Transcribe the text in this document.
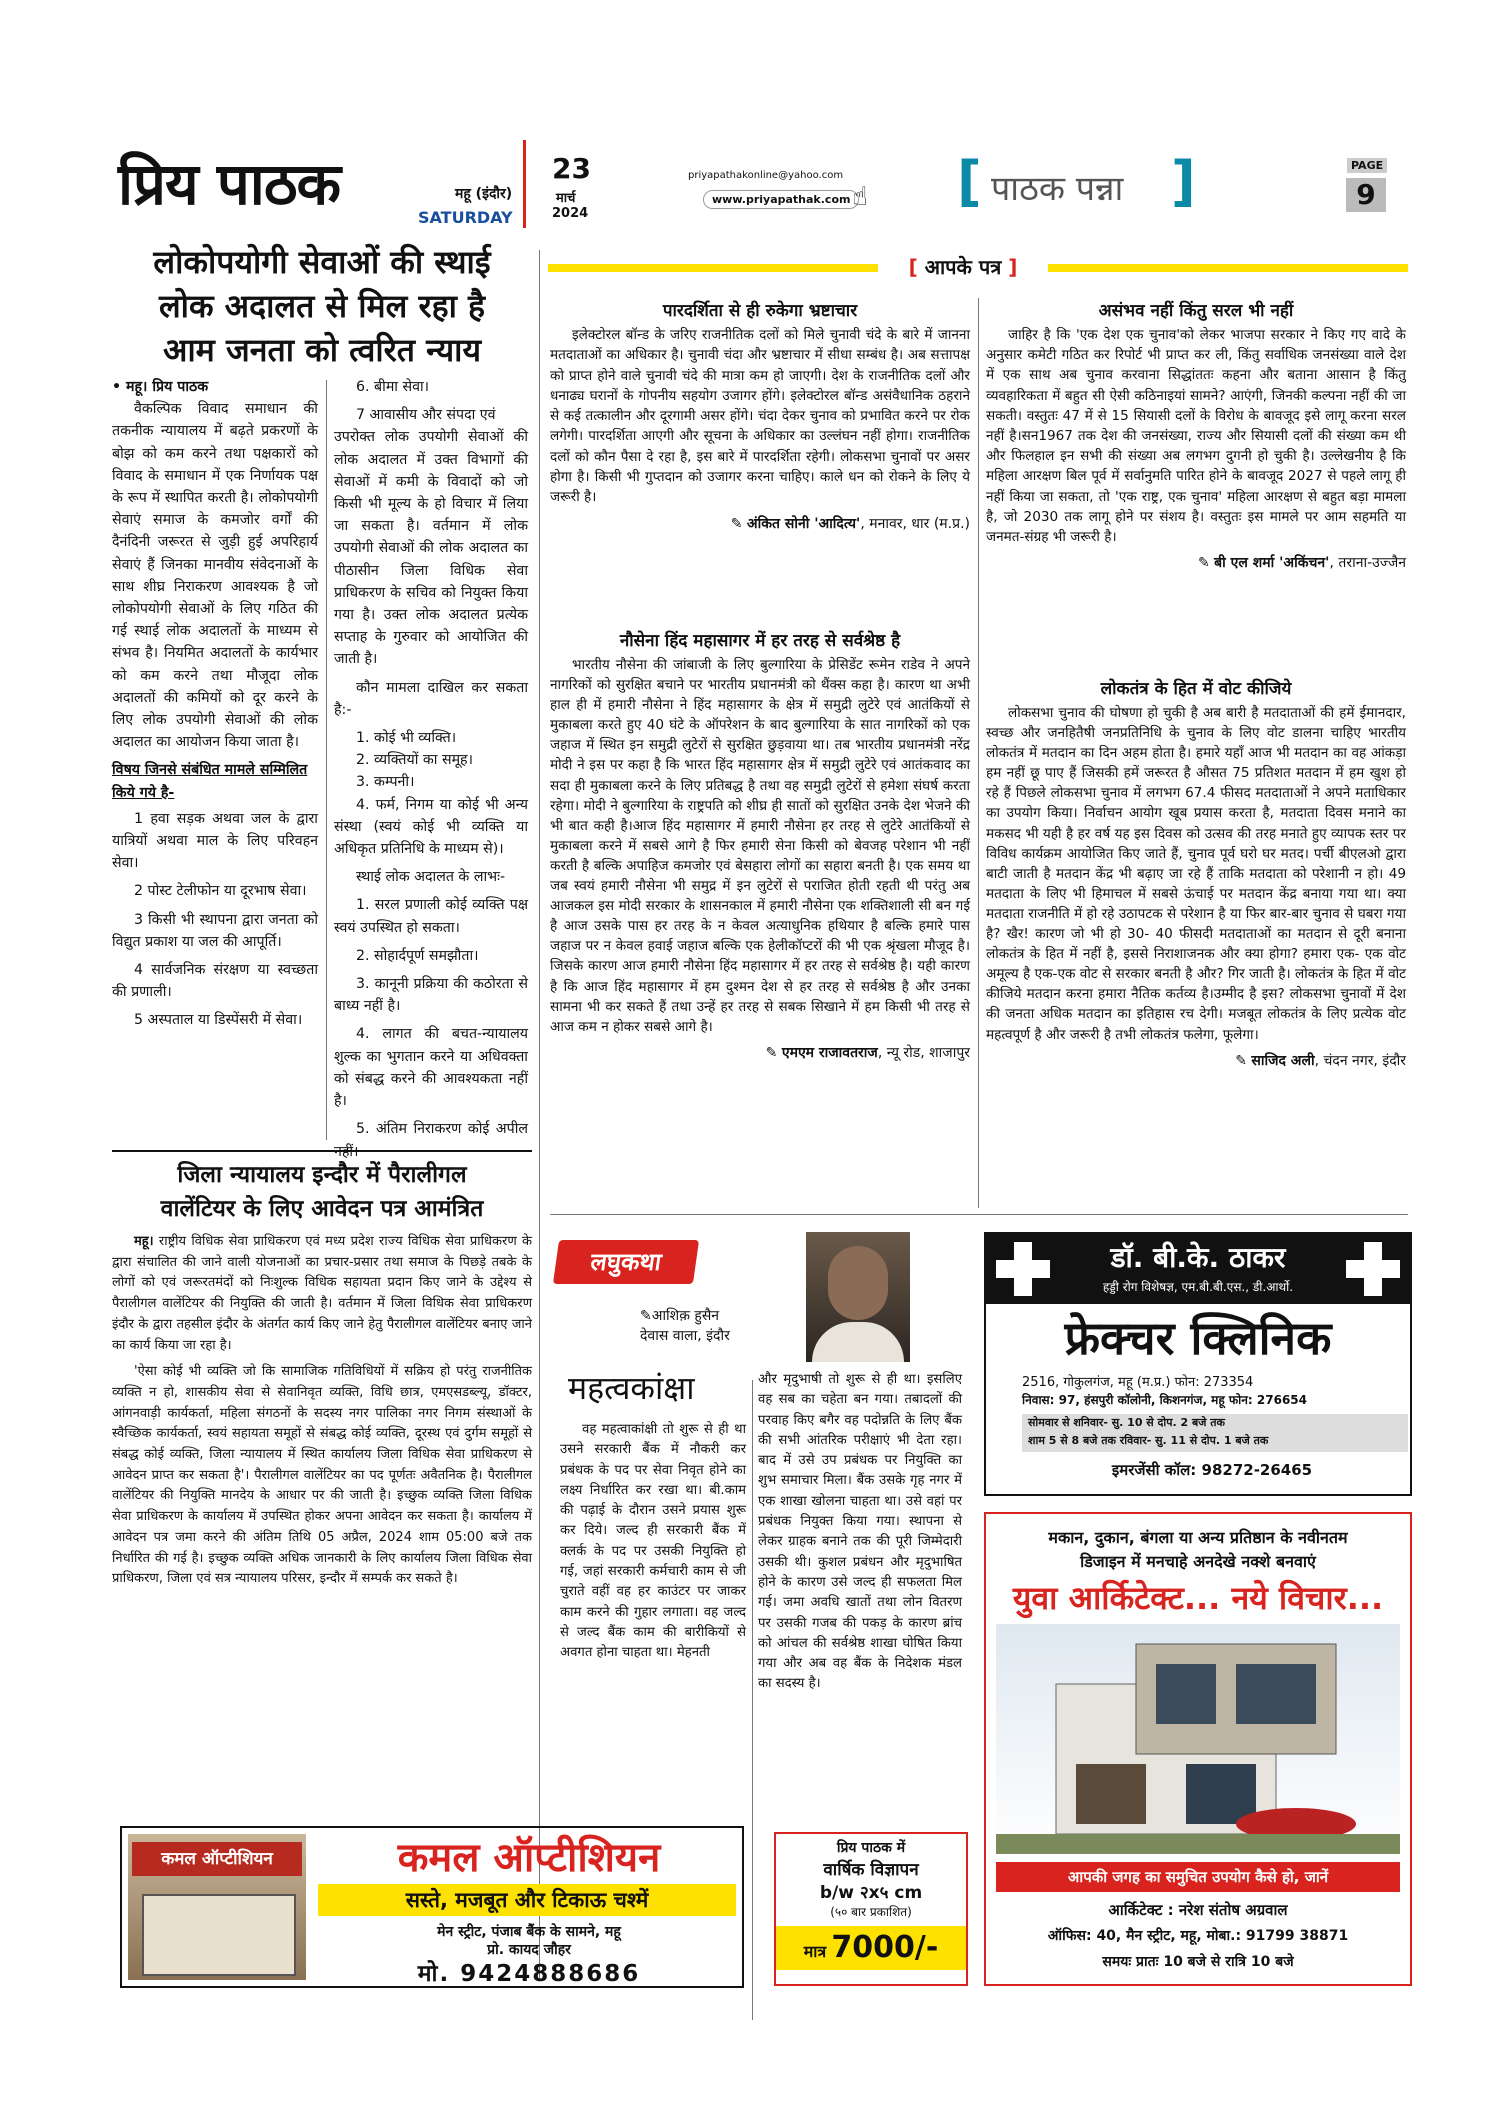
प्रिय पाठक	महू (इंदौर)
SATURDAY
23
मार्च
2024
priyapathakonline@yahoo.com
www.priyapathak.com ☝ [ पाठक पन्ना ]	PAGE
9
लोकोपयोगी सेवाओं की स्थाई
लोक अदालत से मिल रहा है
आम जनता को त्वरित न्याय
• महू। प्रिय पाठक

वैकल्पिक विवाद समाधान की तकनीक न्यायालय में बढ़ते प्रकरणों के बोझ को कम करने तथा पक्षकारों को विवाद के समाधान में एक निर्णायक पक्ष के रूप में स्थापित करती है। लोकोपयोगी सेवाएं समाज के कमजोर वर्गों की दैनंदिनी जरूरत से जुड़ी हुई अपरिहार्य सेवाएं हैं जिनका मानवीय संवेदनाओं के साथ शीघ्र निराकरण आवश्यक है जो लोकोपयोगी सेवाओं के लिए गठित की गई स्थाई लोक अदालतों के माध्यम से संभव है। नियमित अदालतों के कार्यभार को कम करने तथा मौजूदा लोक अदालतों की कमियों को दूर करने के लिए लोक उपयोगी सेवाओं की लोक अदालत का आयोजन किया जाता है।

विषय जिनसे संबंधित मामले सम्मिलित किये गये है-

1 हवा सड़क अथवा जल के द्वारा यात्रियों अथवा माल के लिए परिवहन सेवा।

2 पोस्ट टेलीफोन या दूरभाष सेवा।

3 किसी भी स्थापना द्वारा जनता को विद्युत प्रकाश या जल की आपूर्ति।

4 सार्वजनिक संरक्षण या स्वच्छता की प्रणाली।

5 अस्पताल या डिस्पेंसरी में सेवा।

6. बीमा सेवा।

7 आवासीय और संपदा एवं

उपरोक्त लोक उपयोगी सेवाओं की लोक अदालत में उक्त विभागों की सेवाओं में कमी के विवादों को जो किसी भी मूल्य के हो विचार में लिया जा सकता है। वर्तमान में लोक उपयोगी सेवाओं की लोक अदालत का पीठासीन जिला विधिक सेवा प्राधिकरण के सचिव को नियुक्त किया गया है। उक्त लोक अदालत प्रत्येक सप्ताह के गुरुवार को आयोजित की जाती है।

कौन मामला दाखिल कर सकता है:-

1. कोई भी व्यक्ति।
2. व्यक्तियों का समूह।
3. कम्पनी।

4. फर्म, निगम या कोई भी अन्य संस्था (स्वयं कोई भी व्यक्ति या अधिकृत प्रतिनिधि के माध्यम से)।

स्थाई लोक अदालत के लाभः-

1. सरल प्रणाली कोई व्यक्ति पक्ष स्वयं उपस्थित हो सकता।

2. सोहार्दपूर्ण समझौता।

3. कानूनी प्रक्रिया की कठोरता से बाध्य नहीं है।

4. लागत की बचत-न्यायालय शुल्क का भुगतान करने या अधिवक्ता को संबद्ध करने की आवश्यकता नहीं है।

5. अंतिम निराकरण कोई अपील

जिला न्यायालय इन्दौर में पैरालीगल
वालेंटियर के लिए आवेदन पत्र आमंत्रित

महू। राष्ट्रीय विधिक सेवा प्राधिकरण एवं मध्य प्रदेश राज्य विधिक सेवा प्राधिकरण के द्वारा संचालित की जाने वाली योजनाओं का प्रचार-प्रसार तथा समाज के पिछड़े तबके के लोगों को एवं जरूरतमंदों को निःशुल्क विधिक सहायता प्रदान किए जाने के उद्देश्य से पैरालीगल वालेंटियर की नियुक्ति की जाती है। वर्तमान में जिला विधिक सेवा प्राधिकरण इंदौर के द्वारा तहसील इंदौर के अंतर्गत कार्य किए जाने हेतु पैरालीगल वालेंटियर बनाए जाने का कार्य किया जा रहा है।

'ऐसा कोई भी व्यक्ति जो कि सामाजिक गतिविधियों में सक्रिय हो परंतु राजनीतिक व्यक्ति न हो, शासकीय सेवा से सेवानिवृत व्यक्ति, विधि छात्र, एमएसडब्ल्यू, डॉक्टर, आंगनवाड़ी कार्यकर्ता, महिला संगठनों के सदस्य नगर पालिका नगर निगम संस्थाओं के स्वैच्छिक कार्यकर्ता, स्वयं सहायता समूहों से संबद्ध कोई व्यक्ति, दूरस्थ एवं दुर्गम समूहों से संबद्ध कोई व्यक्ति, जिला न्यायालय में स्थित कार्यालय जिला विधिक सेवा प्राधिकरण से आवेदन प्राप्त कर सकता है'। पैरालीगल वालेंटियर का पद पूर्णतः अवैतनिक है। पैरालीगल वालेंटियर की नियुक्ति मानदेय के आधार पर की जाती है। इच्छुक व्यक्ति जिला विधिक सेवा प्राधिकरण के कार्यालय में उपस्थित होकर अपना आवेदन कर सकता है। कार्यालय में आवेदन पत्र जमा करने की अंतिम तिथि 05 अप्रैल, 2024 शाम 05:00 बजे तक निर्धारित की गई है। इच्छुक व्यक्ति अधिक जानकारी के लिए कार्यालय जिला विधिक सेवा प्राधिकरण, जिला एवं सत्र न्यायालय परिसर, इन्दौर में सम्पर्क कर सकते है।

[ आपके पत्र ]
पारदर्शिता से ही रुकेगा भ्रष्टाचार

इलेक्टोरल बॉन्ड के जरिए राजनीतिक दलों को मिले चुनावी चंदे के बारे में जानना मतदाताओं का अधिकार है। चुनावी चंदा और भ्रष्टाचार में सीधा सम्बंध है। अब सत्तापक्ष को प्राप्त होने वाले चुनावी चंदे की मात्रा कम हो जाएगी। देश के राजनीतिक दलों और धनाढ्य घरानों के गोपनीय सहयोग उजागर होंगे। इलेक्टोरल बॉन्ड असंवैधानिक ठहराने से कई तत्कालीन और दूरगामी असर होंगे। चंदा देकर चुनाव को प्रभावित करने पर रोक लगेगी। पारदर्शिता आएगी और सूचना के अधिकार का उल्लंघन नहीं होगा। राजनीतिक दलों को कौन पैसा दे रहा है, इस बारे में पारदर्शिता रहेगी। लोकसभा चुनावों पर असर होगा है। किसी भी गुप्तदान को उजागर करना चाहिए। काले धन को रोकने के लिए ये जरूरी है।

✎ अंकित सोनी 'आदित्य', मनावर, धार (म.प्र.)
नौसेना हिंद महासागर में हर तरह से सर्वश्रेष्ठ है

भारतीय नौसेना की जांबाजी के लिए बुल्गारिया के प्रेसिडेंट रूमेन राडेव ने अपने नागरिकों को सुरक्षित बचाने पर भारतीय प्रधानमंत्री को थैंक्स कहा है। कारण था अभी हाल ही में हमारी नौसेना ने हिंद महासागर के क्षेत्र में समुद्री लुटेरे एवं आतंकियों से मुकाबला करते हुए 40 घंटे के ऑपरेशन के बाद बुल्गारिया के सात नागरिकों को एक जहाज में स्थित इन समुद्री लुटेरों से सुरक्षित छुड़वाया था। तब भारतीय प्रधानमंत्री नरेंद्र मोदी ने इस पर कहा है कि भारत हिंद महासागर क्षेत्र में समुद्री लुटेरे एवं आतंकवाद का सदा ही मुकाबला करने के लिए प्रतिबद्ध है तथा वह समुद्री लुटेरों से हमेशा संघर्ष करता रहेगा। मोदी ने बुल्गारिया के राष्ट्रपति को शीघ्र ही सातों को सुरक्षित उनके देश भेजने की भी बात कही है।आज हिंद महासागर में हमारी नौसेना हर तरह से लुटेरे आतंकियों से मुकाबला करने में सबसे आगे है फिर हमारी सेना किसी को बेवजह परेशान भी नहीं करती है बल्कि अपाहिज कमजोर एवं बेसहारा लोगों का सहारा बनती है। एक समय था जब स्वयं हमारी नौसेना भी समुद्र में इन लुटेरों से पराजित होती रहती थी परंतु अब आजकल इस मोदी सरकार के शासनकाल में हमारी नौसेना एक शक्तिशाली सी बन गई है आज उसके पास हर तरह के न केवल अत्याधुनिक हथियार है बल्कि हमारे पास जहाज पर न केवल हवाई जहाज बल्कि एक हेलीकॉप्टरों की भी एक श्रृंखला मौजूद है। जिसके कारण आज हमारी नौसेना हिंद महासागर में हर तरह से सर्वश्रेष्ठ है। यही कारण है कि आज हिंद महासागर में हम दुश्मन देश से हर तरह से सर्वश्रेष्ठ है और उनका सामना भी कर सकते हैं तथा उन्हें हर तरह से सबक सिखाने में हम किसी भी तरह से आज कम न होकर सबसे आगे है।

✎ एमएम राजावतराज, न्यू रोड, शाजापुर
असंभव नहीं किंतु सरल भी नहीं

जाहिर है कि 'एक देश एक चुनाव'को लेकर भाजपा सरकार ने किए गए वादे के अनुसार कमेटी गठित कर रिपोर्ट भी प्राप्त कर ली, किंतु सर्वाधिक जनसंख्या वाले देश में एक साथ अब चुनाव करवाना सिद्धांततः कहना और बताना आसान है किंतु व्यवहारिकता में बहुत सी ऐसी कठिनाइयां सामने? आएंगी, जिनकी कल्पना नहीं की जा सकती। वस्तुतः 47 में से 15 सियासी दलों के विरोध के बावजूद इसे लागू करना सरल नहीं है।सन1967 तक देश की जनसंख्या, राज्य और सियासी दलों की संख्या कम थी और फिलहाल इन सभी की संख्या अब लगभग दुगनी हो चुकी है। उल्लेखनीय है कि महिला आरक्षण बिल पूर्व में सर्वानुमति पारित होने के बावजूद 2027 से पहले लागू ही नहीं किया जा सकता, तो 'एक राष्ट्र, एक चुनाव' महिला आरक्षण से बहुत बड़ा मामला है, जो 2030 तक लागू होने पर संशय है। वस्तुतः इस मामले पर आम सहमति या जनमत-संग्रह भी जरूरी है।

✎ बी एल शर्मा 'अकिंचन', तराना-उज्जैन
लोकतंत्र के हित में वोट कीजिये

लोकसभा चुनाव की घोषणा हो चुकी है अब बारी है मतदाताओं की हमें ईमानदार, स्वच्छ और जनहितैषी जनप्रतिनिधि के चुनाव के लिए वोट डालना चाहिए भारतीय लोकतंत्र में मतदान का दिन अहम होता है। हमारे यहाँ आज भी मतदान का वह आंकड़ा हम नहीं छू पाए हैं जिसकी हमें जरूरत है औसत 75 प्रतिशत मतदान में हम खुश हो रहे हैं पिछले लोकसभा चुनाव में लगभग 67.4 फीसद मतदाताओं ने अपने मताधिकार का उपयोग किया। निर्वाचन आयोग खूब प्रयास करता है, मतदाता दिवस मनाने का मकसद भी यही है हर वर्ष यह इस दिवस को उत्सव की तरह मनाते हुए व्यापक स्तर पर विविध कार्यक्रम आयोजित किए जाते हैं, चुनाव पूर्व घरो घर मतद। पर्ची बीएलओ द्वारा बाटी जाती है मतदान केंद्र भी बढ़ाए जा रहे हैं ताकि मतदाता को परेशानी न हो। 49 मतदाता के लिए भी हिमाचल में सबसे ऊंचाई पर मतदान केंद्र बनाया गया था। क्या मतदाता राजनीति में हो रहे उठापटक से परेशान है या फिर बार-बार चुनाव से घबरा गया है? खैर! कारण जो भी हो 30- 40 फीसदी मतदाताओं का मतदान से दूरी बनाना लोकतंत्र के हित में नहीं है, इससे निराशाजनक और क्या होगा? हमारा एक- एक वोट अमूल्य है एक-एक वोट से सरकार बनती है और? गिर जाती है। लोकतंत्र के हित में वोट कीजिये मतदान करना हमारा नैतिक कर्तव्य है।उम्मीद है इस? लोकसभा चुनावों में देश की जनता अधिक मतदान का इतिहास रच देगी। मजबूत लोकतंत्र के लिए प्रत्येक वोट महत्वपूर्ण है और जरूरी है तभी लोकतंत्र फलेगा, फूलेगा।

✎ साजिद अली, चंदन नगर, इंदौर
लघुकथा
✎आशिक़ हुसैन
देवास वाला, इंदौर
महत्वकांक्षा

वह महत्वाकांक्षी तो शुरू से ही था उसने सरकारी बैंक में नौकरी कर प्रबंधक के पद पर सेवा निवृत होने का लक्ष्य निर्धारित कर रखा था। बी.काम की पढ़ाई के दौरान उसने प्रयास शुरू कर दिये। जल्द ही सरकारी बैंक में क्लर्क के पद पर उसकी नियुक्ति हो गई, जहां सरकारी कर्मचारी काम से जी चुराते वहीं वह हर काउंटर पर जाकर काम करने की गुहार लगाता। वह जल्द से जल्द बैंक काम की बारीकियों से अवगत होना चाहता था। मेहनती

और मृदुभाषी तो शुरू से ही था। इसलिए वह सब का चहेता बन गया। तबादलों की परवाह किए बगैर वह पदोन्नति के लिए बैंक की सभी आंतरिक परीक्षाएं भी देता रहा। बाद में उसे उप प्रबंधक पर नियुक्ति का शुभ समाचार मिला। बैंक उसके गृह नगर में एक शाखा खोलना चाहता था। उसे वहां पर प्रबंधक नियुक्त किया गया। स्थापना से लेकर ग्राहक बनाने तक की पूरी जिम्मेदारी उसकी थी। कुशल प्रबंधन और मृदुभाषित होने के कारण उसे जल्द ही सफलता मिल गई। जमा अवधि खातों तथा लोन वितरण पर उसकी गजब की पकड़ के कारण ब्रांच को आंचल की सर्वश्रेष्ठ शाखा घोषित किया गया और अब वह बैंक के निदेशक मंडल का सदस्य है।

प्रिय पाठक में
वार्षिक विज्ञापन
b/w २x५ cm
(५० बार प्रकाशित)
मात्र 7000/-
डॉ. बी.के. ठाकर
हड्डी रोग विशेषज्ञ, एम.बी.बी.एस., डी.आर्थो.
फ्रेक्चर क्लिनिक
2516, गोकुलगंज, महू (म.प्र.) फोन: 273354
निवास: 97, हंसपुरी कॉलोनी, किशनगंज, महू फोन: 276654
सोमवार से शनिवार- सु. 10 से दोप. 2 बजे तक
शाम 5 से 8 बजे तक रविवार- सु. 11 से दोप. 1 बजे तक
इमरजेंसी कॉल: 98272-26465
मकान, दुकान, बंगला या अन्य प्रतिष्ठान के नवीनतम
डिजाइन में मनचाहे अनदेखे नक्शे बनवाएं
युवा आर्किटेक्ट... नये विचार...
आपकी जगह का समुचित उपयोग कैसे हो, जानें
आर्किटेक्ट : नरेश संतोष अग्रवाल
ऑफिस: 40, मैन स्ट्रीट, महू, मोबा.: 91799 38871
समयः प्रातः 10 बजे से रात्रि 10 बजे
कमल ऑप्टीशियन	कमल ऑप्टीशियन
सस्ते, मजबूत और टिकाऊ चश्में
मेन स्ट्रीट, पंजाब बैंक के सामने, महू
प्रो. कायद जौहर
मो. 9424888686
